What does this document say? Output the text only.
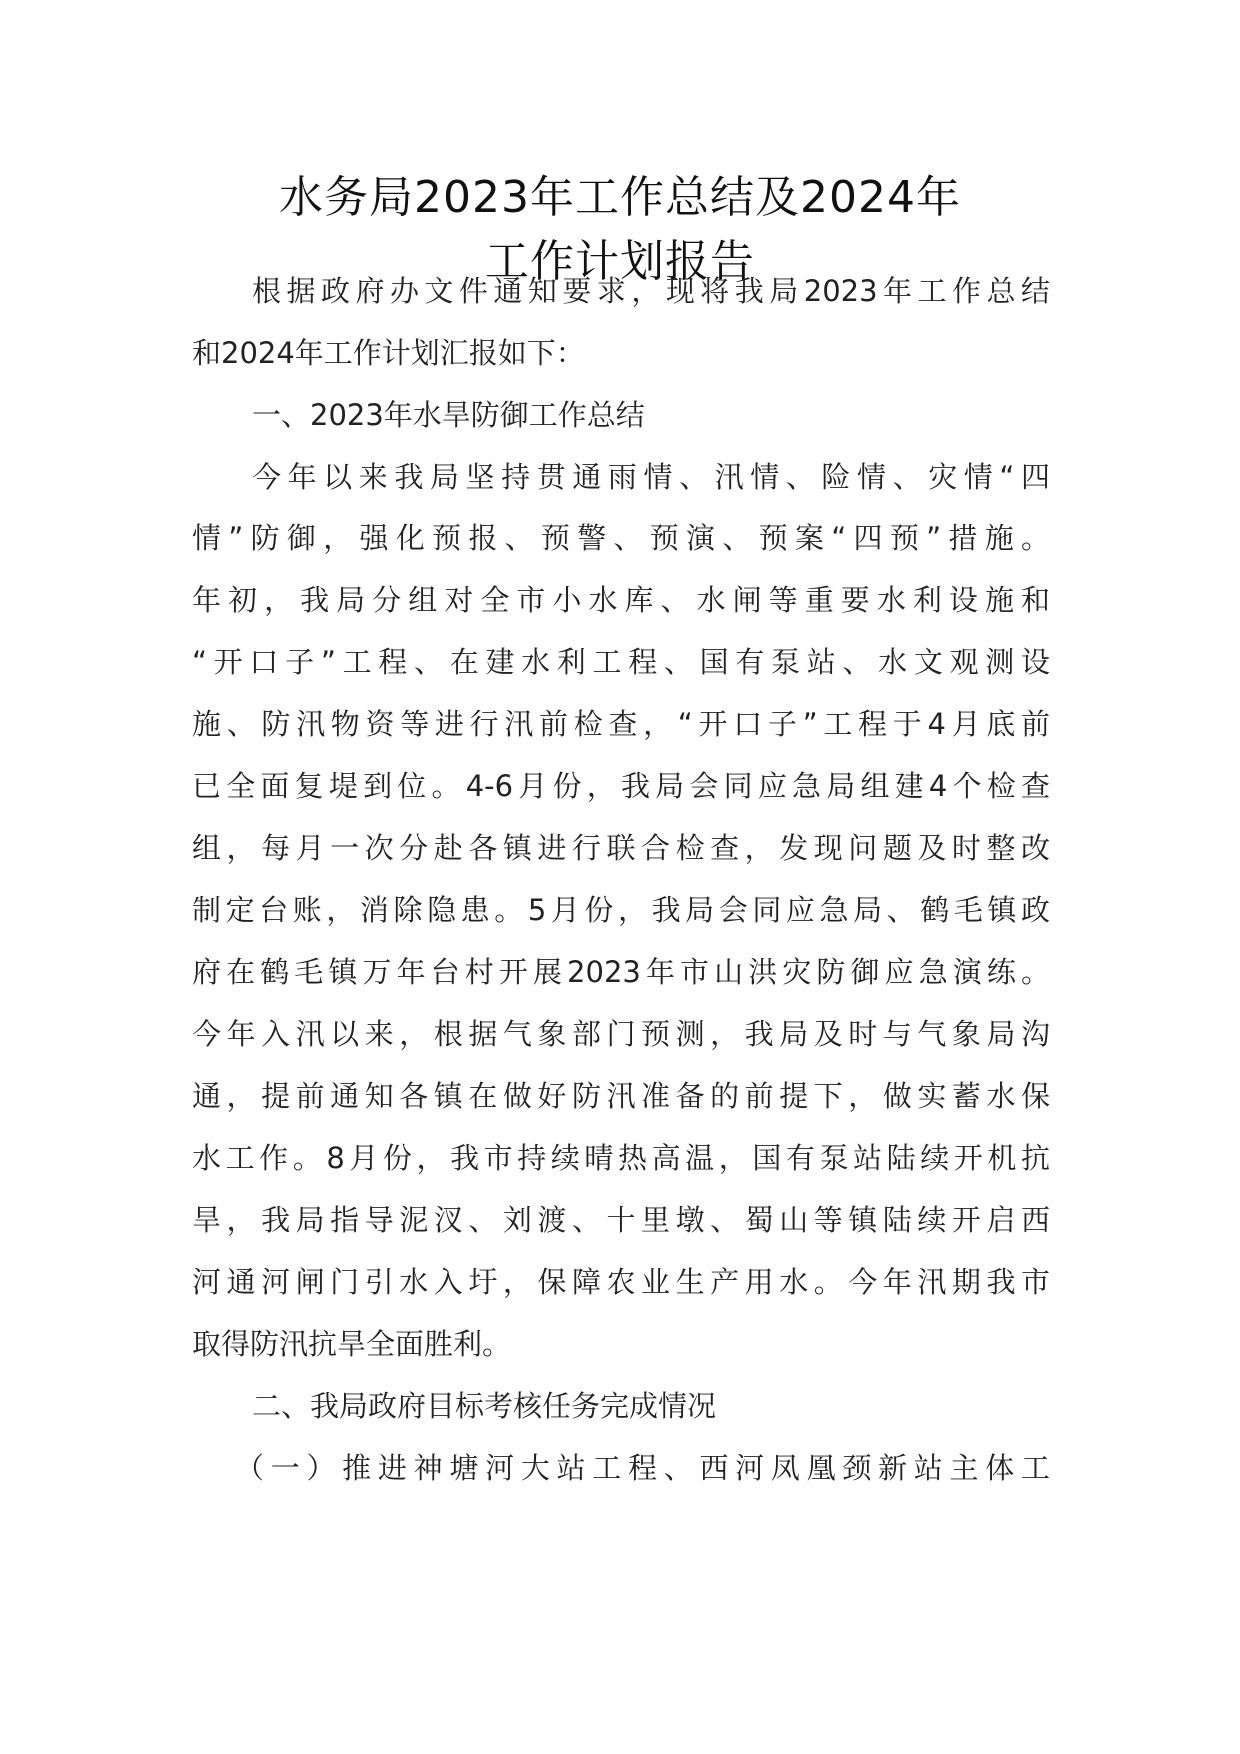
水务局2023年工作总结及2024年
工作计划报告
根据政府办文件通知要求，现将我局2023年工作总结
和2024年工作计划汇报如下：
一、2023年水旱防御工作总结
今年以来我局坚持贯通雨情、汛情、险情、灾情“四
情”防御，强化预报、预警、预演、预案“四预”措施。
年初，我局分组对全市小水库、水闸等重要水利设施和
“开口子”工程、在建水利工程、国有泵站、水文观测设
施、防汛物资等进行汛前检查，“开口子”工程于4月底前
已全面复堤到位。4-6月份，我局会同应急局组建4个检查
组，每月一次分赴各镇进行联合检查，发现问题及时整改
制定台账，消除隐患。5月份，我局会同应急局、鹤毛镇政
府在鹤毛镇万年台村开展2023年市山洪灾防御应急演练。
今年入汛以来，根据气象部门预测，我局及时与气象局沟
通，提前通知各镇在做好防汛准备的前提下，做实蓄水保
水工作。8月份，我市持续晴热高温，国有泵站陆续开机抗
旱，我局指导泥汊、刘渡、十里墩、蜀山等镇陆续开启西
河通河闸门引水入圩，保障农业生产用水。今年汛期我市
取得防汛抗旱全面胜利。
二、我局政府目标考核任务完成情况
（一）推进神塘河大站工程、西河凤凰颈新站主体工
